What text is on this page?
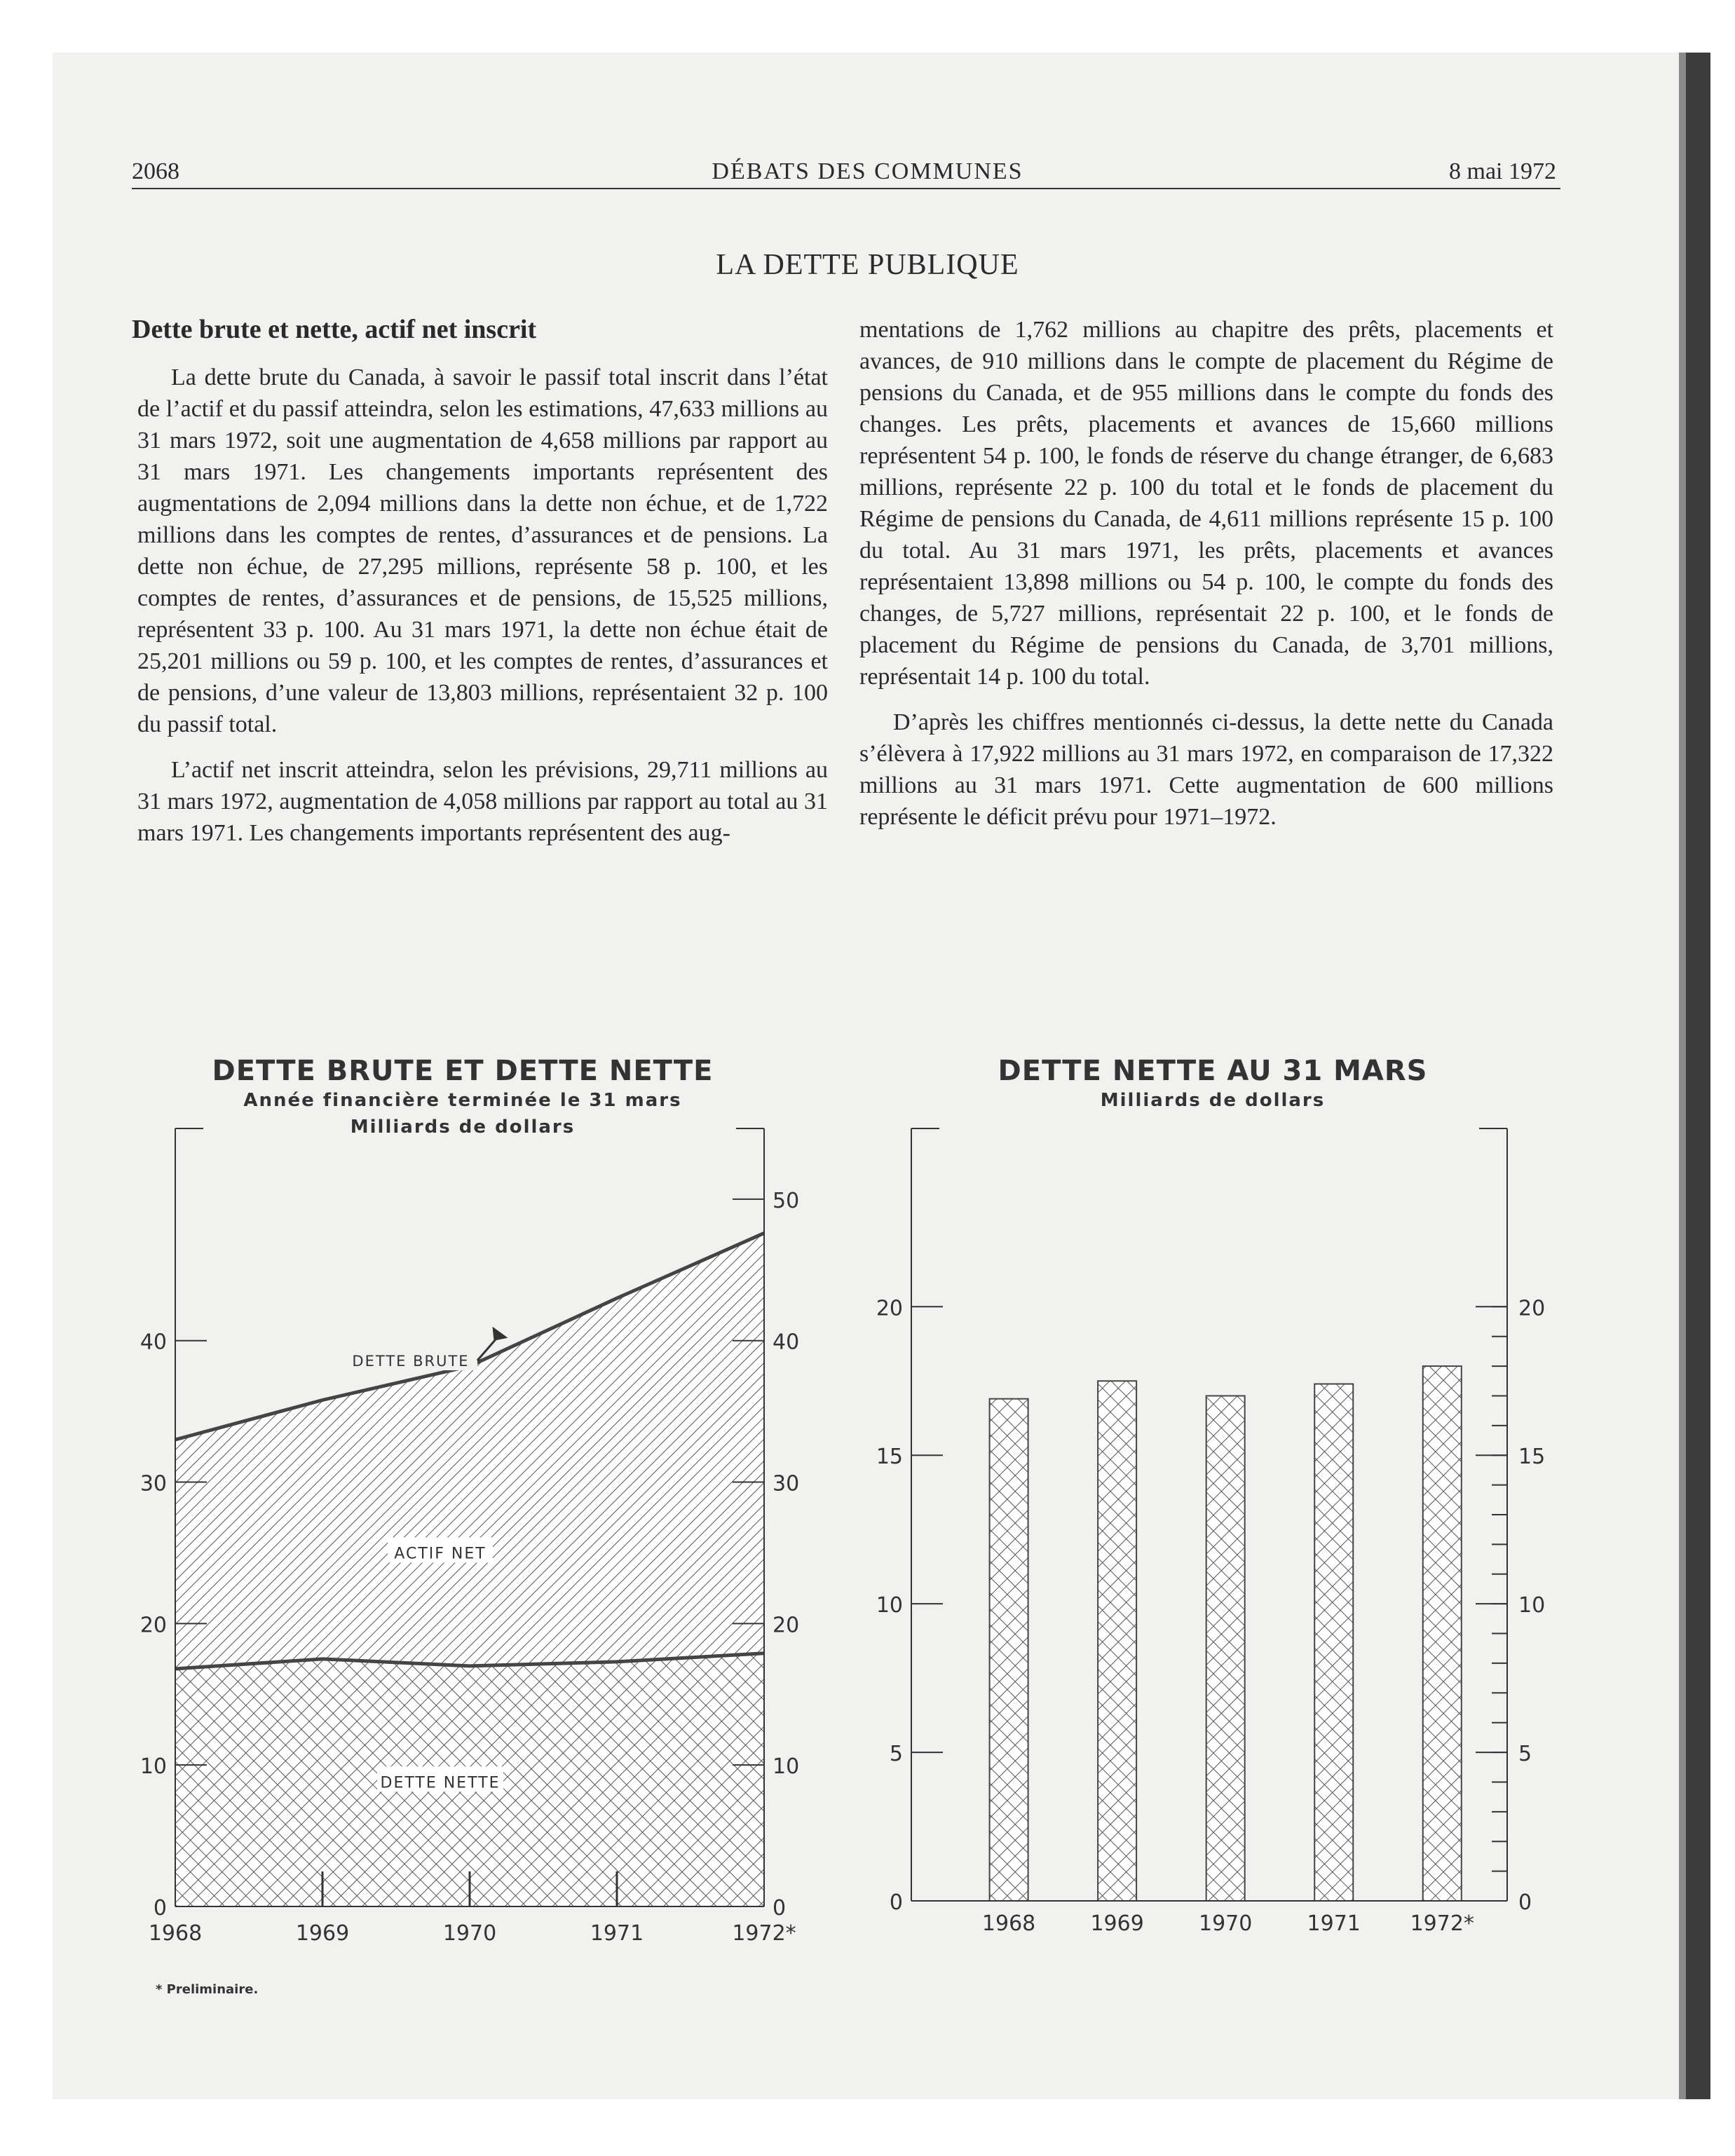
2068	DÉBATS DES COMMUNES	8 mai 1972
LA DETTE PUBLIQUE
Dette brute et nette, actif net inscrit

La dette brute du Canada, à savoir le passif total inscrit dans l’état de l’actif et du passif atteindra, selon les estimations, 47,633 millions au 31 mars 1972, soit une augmentation de 4,658 millions par rapport au 31 mars 1971. Les changements importants représentent des augmentations de 2,094 millions dans la dette non échue, et de 1,722 millions dans les comptes de rentes, d’assurances et de pensions. La dette non échue, de 27,295 millions, représente 58 p. 100, et les comptes de rentes, d’assurances et de pensions, de 15,525 millions, représentent 33 p. 100. Au 31 mars 1971, la dette non échue était de 25,201 millions ou 59 p. 100, et les comptes de rentes, d’assurances et de pensions, d’une valeur de 13,803 millions, représentaient 32 p. 100 du passif total.

L’actif net inscrit atteindra, selon les prévisions, 29,711 millions au 31 mars 1972, augmentation de 4,058 millions par rapport au total au 31 mars 1971. Les changements importants représentent des aug-

mentations de 1,762 millions au chapitre des prêts, placements et avances, de 910 millions dans le compte de placement du Régime de pensions du Canada, et de 955 millions dans le compte du fonds des changes. Les prêts, placements et avances de 15,660 millions représentent 54 p. 100, le fonds de réserve du change étranger, de 6,683 millions, représente 22 p. 100 du total et le fonds de placement du Régime de pensions du Canada, de 4,611 millions représente 15 p. 100 du total. Au 31 mars 1971, les prêts, placements et avances représentaient 13,898 millions ou 54 p. 100, le compte du fonds des changes, de 5,727 millions, représentait 22 p. 100, et le fonds de placement du Régime de pensions du Canada, de 3,701 millions, représentait 14 p. 100 du total.

D’après les chiffres mentionnés ci-dessus, la dette nette du Canada s’élèvera à 17,922 millions au 31 mars 1972, en comparaison de 17,322 millions au 31 mars 1971. Cette augmentation de 600 millions représente le déficit prévu pour 1971–1972.

DETTE BRUTE ET DETTE NETTE
Année financière terminée le 31 mars
Milliards de dollars
DETTE NETTE AU 31 MARS
Milliards de dollars
0
10
20
30
40
0
10
20
30
40
50
1968	1969	1970	1971	1972*
ACTIF NET
DETTE NETTE
DETTE BRUTE
1968	1969	1970	1971 1972*
0
5
10
15
20
0
5
10
15
20
* Preliminaire.
